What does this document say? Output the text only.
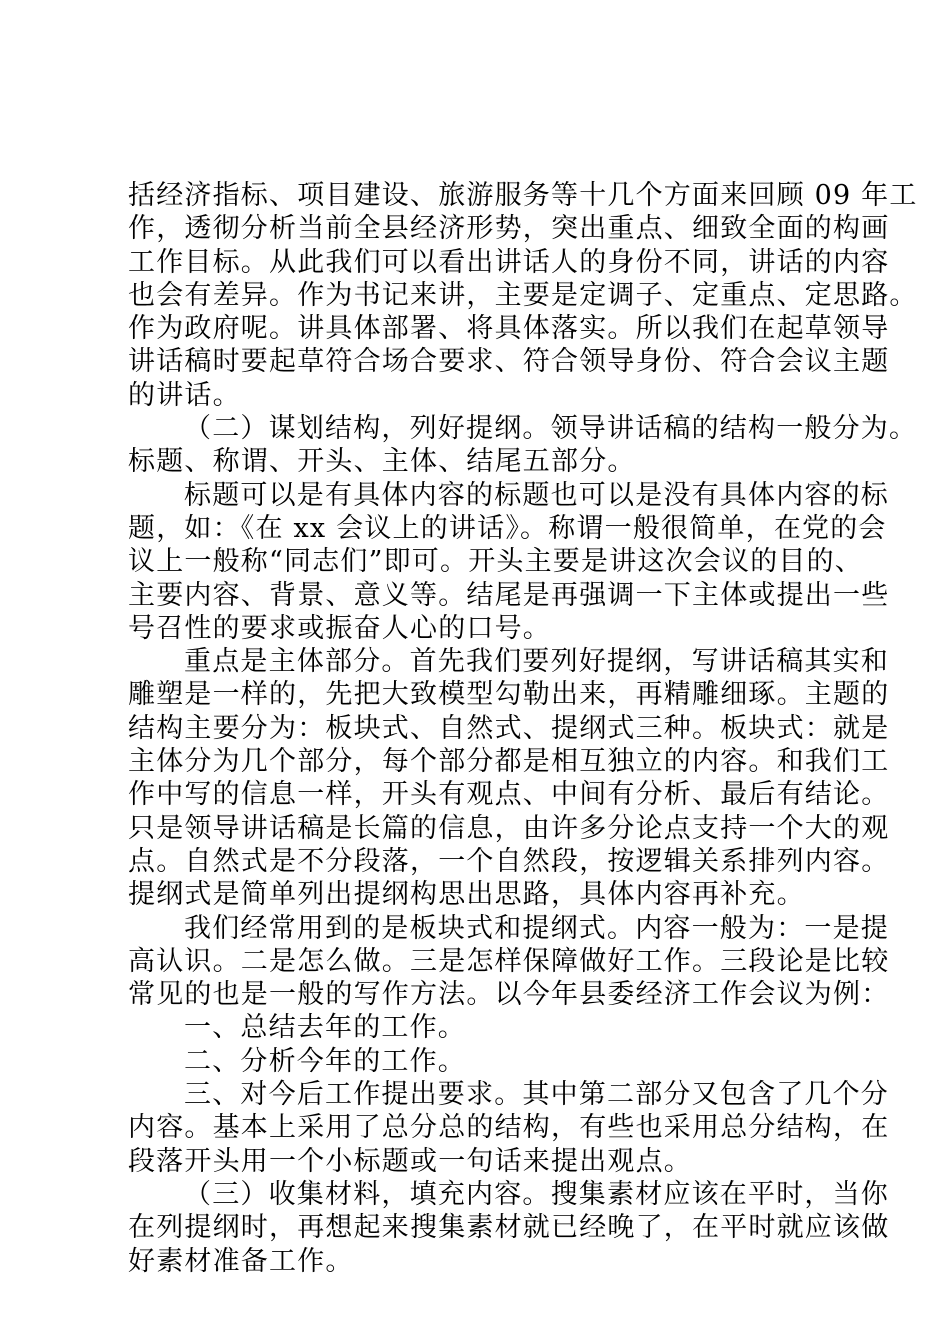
括经济指标、项目建设、旅游服务等十几个方面来回顾 09 年工
作，透彻分析当前全县经济形势，突出重点、细致全面的构画
工作目标。从此我们可以看出讲话人的身份不同，讲话的内容
也会有差异。作为书记来讲，主要是定调子、定重点、定思路。
作为政府呢。讲具体部署、将具体落实。所以我们在起草领导
讲话稿时要起草符合场合要求、符合领导身份、符合会议主题
的讲话。
（二）谋划结构，列好提纲。领导讲话稿的结构一般分为。
标题、称谓、开头、主体、结尾五部分。
标题可以是有具体内容的标题也可以是没有具体内容的标
题，如：《在 xx 会议上的讲话》。称谓一般很简单，在党的会
议上一般称“同志们”即可。开头主要是讲这次会议的目的、
主要内容、背景、意义等。结尾是再强调一下主体或提出一些
号召性的要求或振奋人心的口号。
重点是主体部分。首先我们要列好提纲，写讲话稿其实和
雕塑是一样的，先把大致模型勾勒出来，再精雕细琢。主题的
结构主要分为：板块式、自然式、提纲式三种。板块式：就是
主体分为几个部分，每个部分都是相互独立的内容。和我们工
作中写的信息一样，开头有观点、中间有分析、最后有结论。
只是领导讲话稿是长篇的信息，由许多分论点支持一个大的观
点。自然式是不分段落，一个自然段，按逻辑关系排列内容。
提纲式是简单列出提纲构思出思路，具体内容再补充。
我们经常用到的是板块式和提纲式。内容一般为：一是提
高认识。二是怎么做。三是怎样保障做好工作。三段论是比较
常见的也是一般的写作方法。以今年县委经济工作会议为例：
一、总结去年的工作。
二、分析今年的工作。
三、对今后工作提出要求。其中第二部分又包含了几个分
内容。基本上采用了总分总的结构，有些也采用总分结构，在
段落开头用一个小标题或一句话来提出观点。
（三）收集材料，填充内容。搜集素材应该在平时，当你
在列提纲时，再想起来搜集素材就已经晚了，在平时就应该做
好素材准备工作。
